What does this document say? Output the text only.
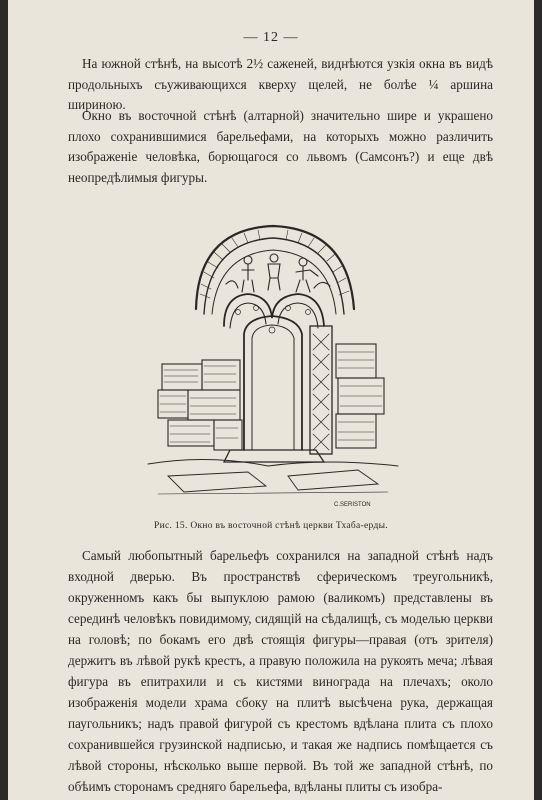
— 12 —

На южной стѣнѣ, на высотѣ 2½ саженей, виднѣются узкія окна въ видѣ продольныхъ съуживающихся кверху щелей, не болѣе ¼ аршина шириною.

Окно въ восточной стѣнѣ (алтарной) значительно шире и украшено плохо сохранившимися барельефами, на которыхъ можно различить изображеніе человѣка, борющагося со львомъ (Самсонъ?) и еще двѣ неопредѣлимыя фигуры.

C.SERISTON
Рис. 15. Окно въ восточной стѣнѣ церкви Тхаба-ерды.

Самый любопытный барельефъ сохранился на западной стѣнѣ надъ входной дверью. Въ пространствѣ сферическомъ треугольникѣ, окруженномъ какъ бы выпуклою рамою (валикомъ) представлены въ серединѣ человѣкъ повидимому, сидящій на сѣдалищѣ, съ моделью церкви на головѣ; по бокамъ его двѣ стоящія фигуры—правая (отъ зрителя) держитъ въ лѣвой рукѣ крестъ, а правую положила на рукоять меча; лѣвая фигура въ епитрахили и съ кистями винограда на плечахъ; около изображенія модели храма сбоку на плитѣ высѣчена рука, держащая паугольникъ; надъ правой фигурой съ крестомъ вдѣлана плита съ плохо сохранившейся грузинской надписью, и такая же надпись помѣщается съ лѣвой стороны, нѣсколько выше первой. Въ той же западной стѣнѣ, по обѣимъ сторонамъ средняго барельефа, вдѣланы плиты съ изобра-
